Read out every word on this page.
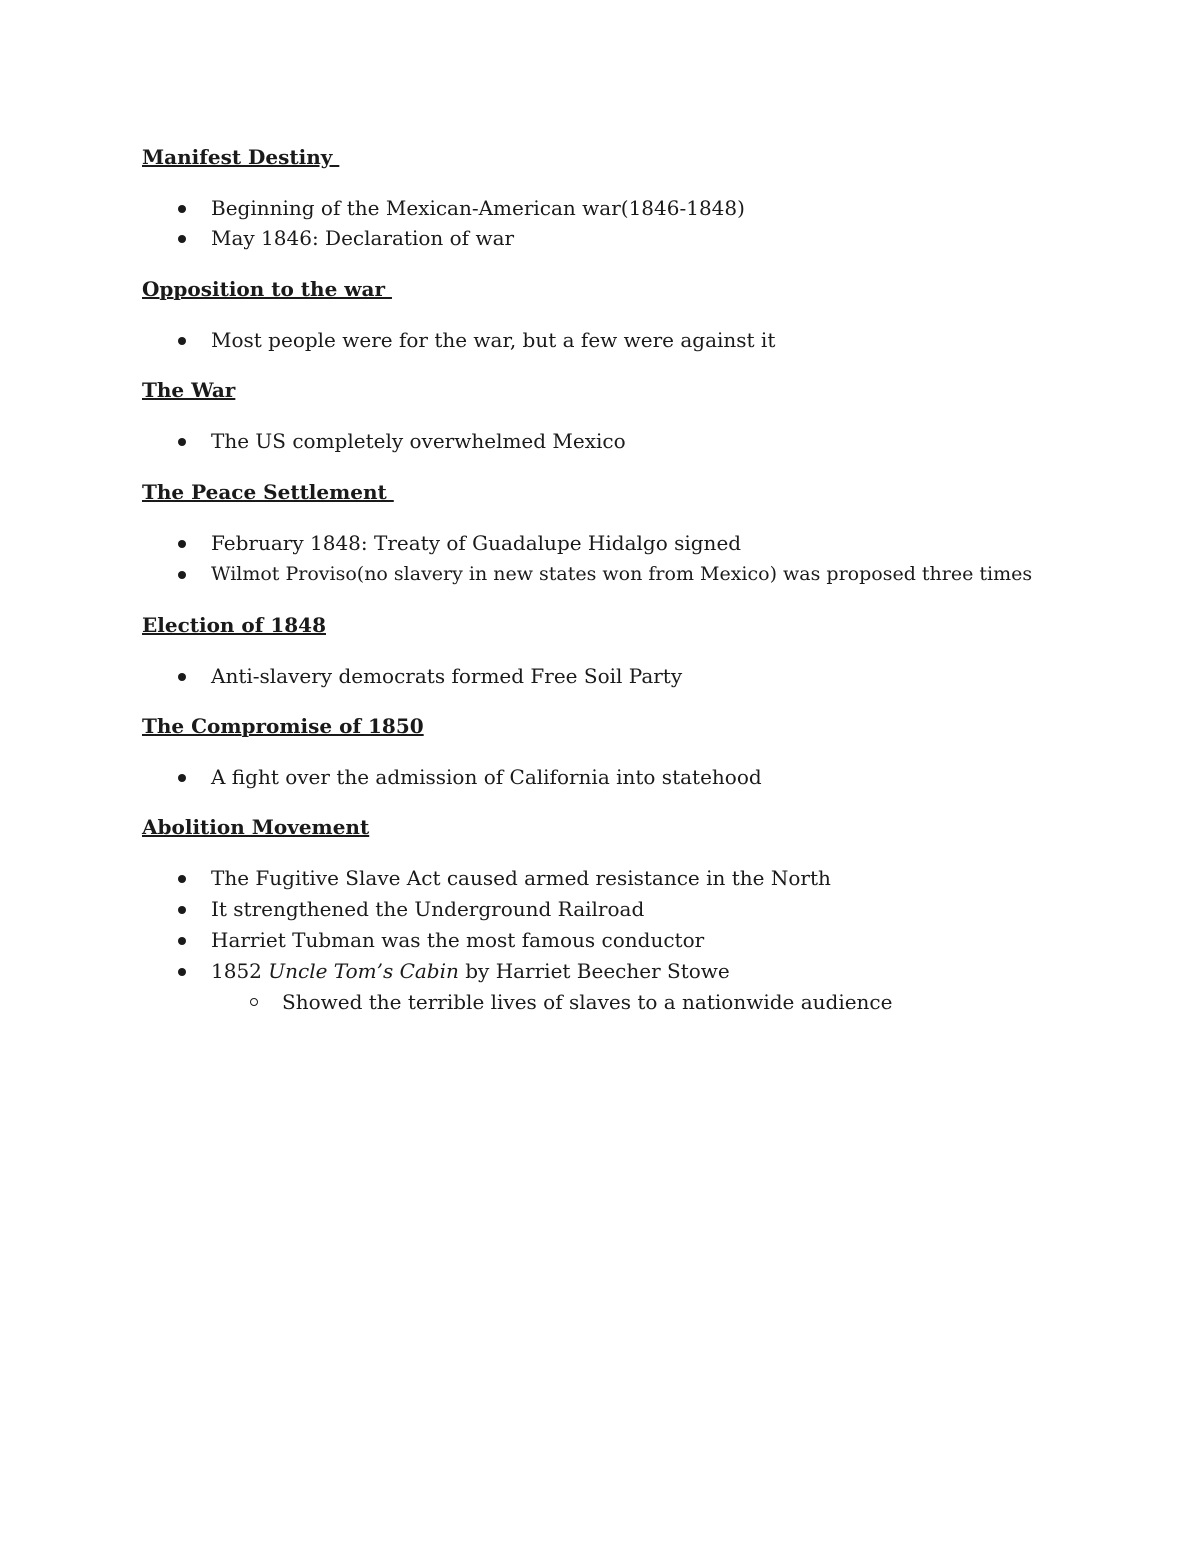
Manifest Destiny
Beginning of the Mexican-American war(1846-1848)
May 1846: Declaration of war
Opposition to the war
Most people were for the war, but a few were against it
The War
The US completely overwhelmed Mexico
The Peace Settlement
February 1848: Treaty of Guadalupe Hidalgo signed
Wilmot Proviso(no slavery in new states won from Mexico) was proposed three times
Election of 1848
Anti-slavery democrats formed Free Soil Party
The Compromise of 1850
A fight over the admission of California into statehood
Abolition Movement
The Fugitive Slave Act caused armed resistance in the North
It strengthened the Underground Railroad
Harriet Tubman was the most famous conductor
1852 Uncle Tom’s Cabin by Harriet Beecher Stowe
Showed the terrible lives of slaves to a nationwide audience
